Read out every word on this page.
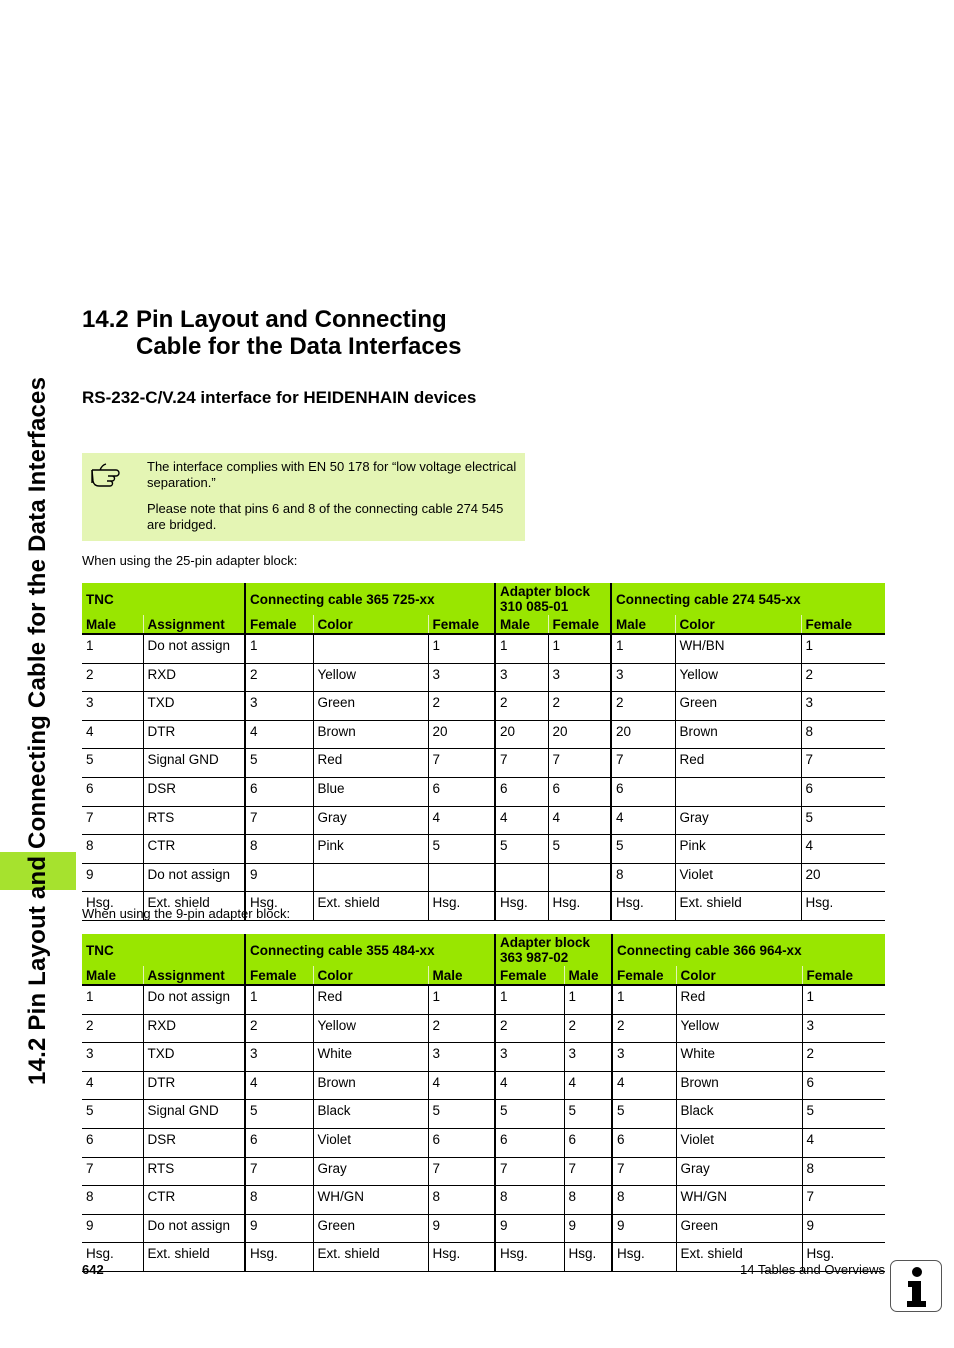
14.2 Pin Layout and Connecting Cable for the Data Interfaces
14.2 Pin Layout and Connecting
Cable for the Data Interfaces
RS-232-C/V.24 interface for HEIDENHAIN devices

The interface complies with EN 50 178 for “low voltage electrical separation.”

Please note that pins 6 and 8 of the connecting cable 274 545 are bridged.

When using the 25-pin adapter block:
TNC		Connecting cable 365 725-xx			Adapter block
310 085-01		Connecting cable 274 545-xx		
Male	Assignment	Female	Color	Female	Male	Female	Male	Color	Female
1	Do not assign	1		1	1	1	1	WH/BN	1
2	RXD	2	Yellow	3	3	3	3	Yellow	2
3	TXD	3	Green	2	2	2	2	Green	3
4	DTR	4	Brown	20	20	20	20	Brown	8
5	Signal GND	5	Red	7	7	7	7	Red	7
6	DSR	6	Blue	6	6	6	6		6
7	RTS	7	Gray	4	4	4	4	Gray	5
8	CTR	8	Pink	5	5	5	5	Pink	4
9	Do not assign	9					8	Violet	20
Hsg.	Ext. shield	Hsg.	Ext. shield	Hsg.	Hsg.	Hsg.	Hsg.	Ext. shield	Hsg.
When using the 9-pin adapter block:
TNC		Connecting cable 355 484-xx			Adapter block
363 987-02		Connecting cable 366 964-xx		
Male	Assignment	Female	Color	Male	Female	Male	Female	Color	Female
1	Do not assign	1	Red	1	1	1	1	Red	1
2	RXD	2	Yellow	2	2	2	2	Yellow	3
3	TXD	3	White	3	3	3	3	White	2
4	DTR	4	Brown	4	4	4	4	Brown	6
5	Signal GND	5	Black	5	5	5	5	Black	5
6	DSR	6	Violet	6	6	6	6	Violet	4
7	RTS	7	Gray	7	7	7	7	Gray	8
8	CTR	8	WH/GN	8	8	8	8	WH/GN	7
9	Do not assign	9	Green	9	9	9	9	Green	9
Hsg.	Ext. shield	Hsg.	Ext. shield	Hsg.	Hsg.	Hsg.	Hsg.	Ext. shield	Hsg.
642	14 Tables and Overviews
